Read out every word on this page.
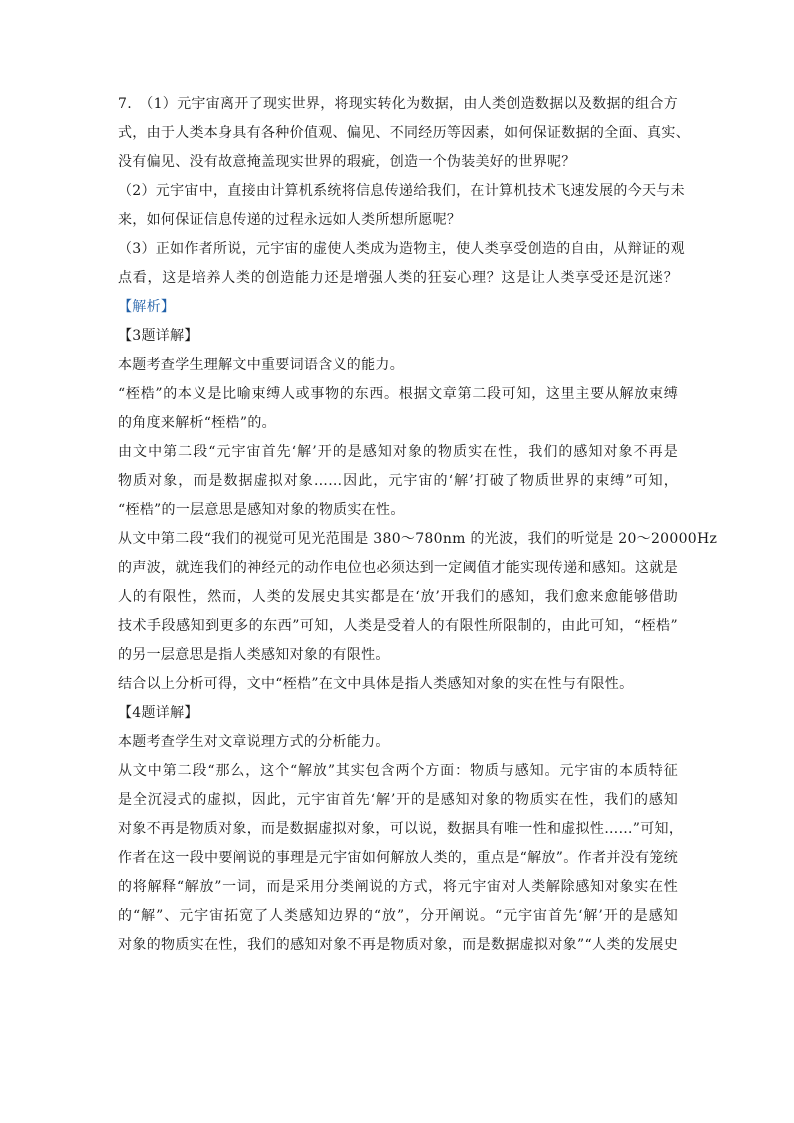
7.　（1）元宇宙离开了现实世界，将现实转化为数据，由人类创造数据以及数据的组合方
式，由于人类本身具有各种价值观、偏见、不同经历等因素，如何保证数据的全面、真实、
没有偏见、没有故意掩盖现实世界的瑕疵，创造一个伪装美好的世界呢？
（2）元宇宙中，直接由计算机系统将信息传递给我们，在计算机技术飞速发展的今天与未
来，如何保证信息传递的过程永远如人类所想所愿呢？
（3）正如作者所说，元宇宙的虚使人类成为造物主，使人类享受创造的自由，从辩证的观
点看，这是培养人类的创造能力还是增强人类的狂妄心理？这是让人类享受还是沉迷？
【解析】
【3题详解】
本题考查学生理解文中重要词语含义的能力。
“桎梏”的本义是比喻束缚人或事物的东西。根据文章第二段可知，这里主要从解放束缚
的角度来解析“桎梏”的。
由文中第二段“元宇宙首先‘解’开的是感知对象的物质实在性，我们的感知对象不再是
物质对象，而是数据虚拟对象……因此，元宇宙的‘解’打破了物质世界的束缚”可知，
“桎梏”的一层意思是感知对象的物质实在性。
从文中第二段“我们的视觉可见光范围是 380～780nm 的光波，我们的听觉是 20～20000Hz
的声波，就连我们的神经元的动作电位也必须达到一定阈值才能实现传递和感知。这就是
人的有限性，然而，人类的发展史其实都是在‘放’开我们的感知，我们愈来愈能够借助
技术手段感知到更多的东西”可知，人类是受着人的有限性所限制的，由此可知，“桎梏”
的另一层意思是指人类感知对象的有限性。
结合以上分析可得，文中“桎梏”在文中具体是指人类感知对象的实在性与有限性。
【4题详解】
本题考查学生对文章说理方式的分析能力。
从文中第二段“那么，这个“解放”其实包含两个方面：物质与感知。元宇宙的本质特征
是全沉浸式的虚拟，因此，元宇宙首先‘解’开的是感知对象的物质实在性，我们的感知
对象不再是物质对象，而是数据虚拟对象，可以说，数据具有唯一性和虚拟性……”可知，
作者在这一段中要阐说的事理是元宇宙如何解放人类的，重点是“解放”。作者并没有笼统
的将解释“解放”一词，而是采用分类阐说的方式，将元宇宙对人类解除感知对象实在性
的“解”、元宇宙拓宽了人类感知边界的“放”，分开阐说。“元宇宙首先‘解’开的是感知
对象的物质实在性，我们的感知对象不再是物质对象，而是数据虚拟对象”“人类的发展史
